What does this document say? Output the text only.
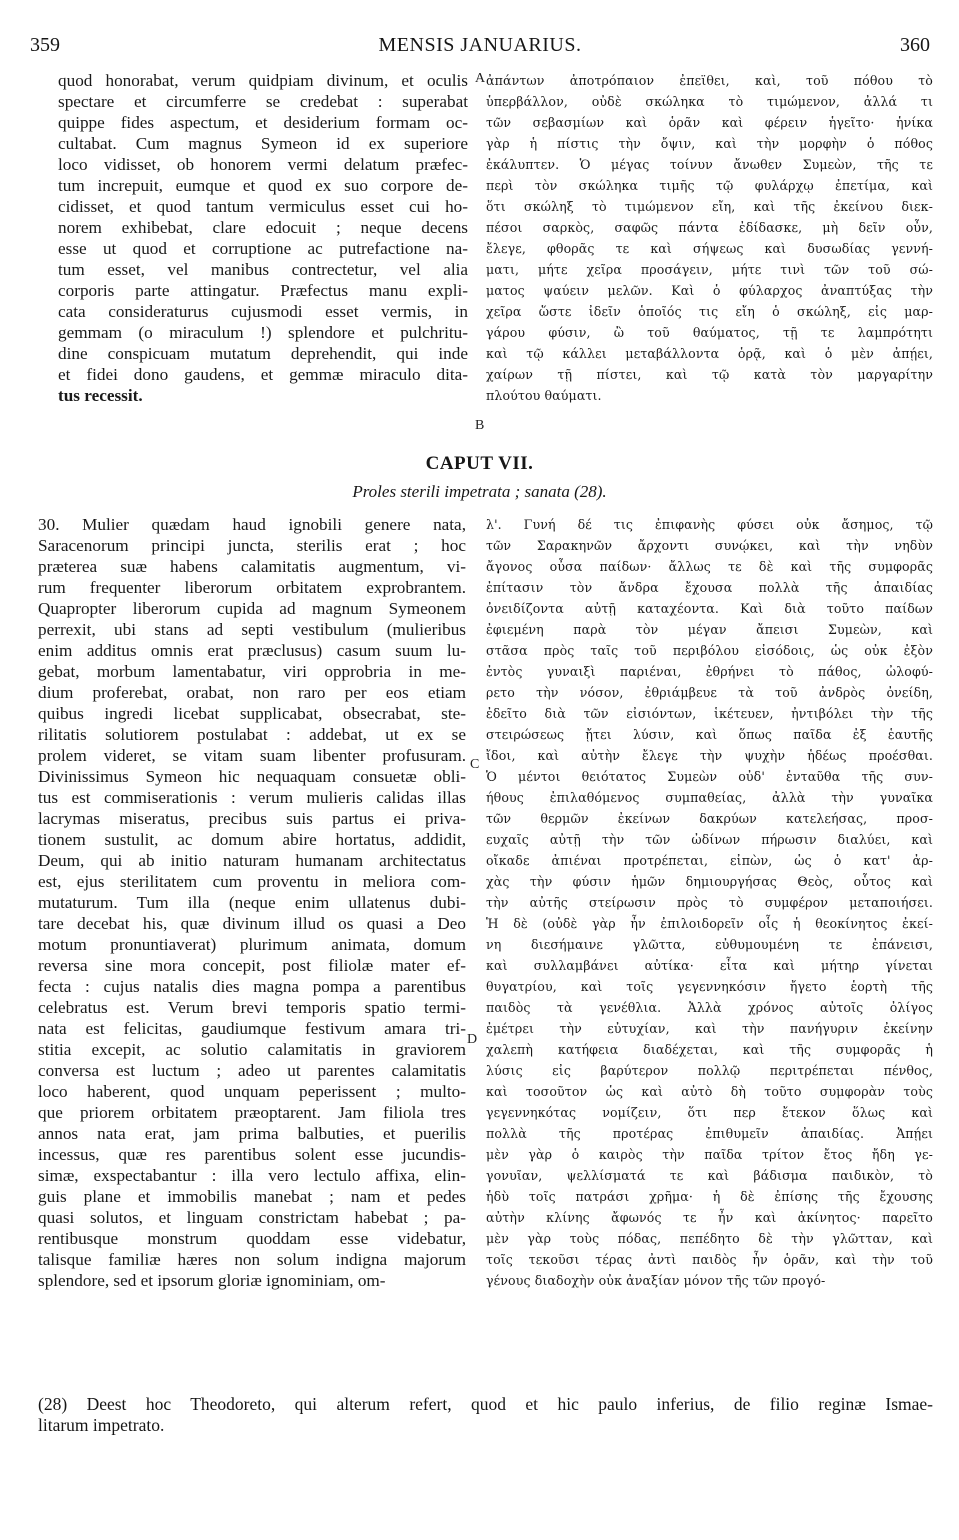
359	MENSIS JANUARIUS.	360
quod honorabat, verum quidpiam divinum, et oculis
spectare et circumferre se credebat : superabat
quippe fides aspectum, et desiderium formam oc-
cultabat. Cum magnus Symeon id ex superiore
loco vidisset, ob honorem vermi delatum præfec-
tum increpuit, eumque et quod ex suo corpore de-
cidisset, et quod tantum vermiculus esset cui ho-
norem exhibebat, clare edocuit ; neque decens
esse ut quod et corruptione ac putrefactione na-
tum esset, vel manibus contrectetur, vel alia
corporis parte attingatur. Præfectus manu expli-
cata consideraturus cujusmodi esset vermis, in
gemmam (o miraculum !) splendore et pulchritu-
dine conspicuam mutatum deprehendit, qui inde
et fidei dono gaudens, et gemmæ miraculo dita-
tus recessit.
ἀπάντων ἀποτρόπαιον ἐπεϊθει, καὶ, τοῦ πόθου τὸ
ὑπερβάλλον, οὐδὲ σκώληκα τὸ τιμώμενον, ἀλλά τι
τῶν σεβασμίων καὶ ὁρᾶν καὶ φέρειν ἡγεῖτο· ἡνίκα
γὰρ ἡ πίστις τὴν ὄψιν, καὶ τὴν μορφὴν ὁ πόθος
ἐκάλυπτεν. Ὁ μέγας τοίνυν ἄνωθεν Συμεὼν, τῆς τε
περὶ τὸν σκώληκα τιμῆς τῷ φυλάρχῳ ἐπετίμα, καὶ
ὅτι σκώληξ τὸ τιμώμενον εἴη, καὶ τῆς ἐκείνου διεκ-
πέσοι σαρκὸς, σαφῶς πάντα ἐδίδασκε, μὴ δεῖν οὖν,
ἔλεγε, φθορᾶς τε καὶ σήψεως καὶ δυσωδίας γεννή-
ματι, μήτε χεῖρα προσάγειν, μήτε τινὶ τῶν τοῦ σώ-
ματος ψαύειν μελῶν. Καὶ ὁ φύλαρχος ἀναπτύξας τὴν
χεῖρα ὥστε ἰδεῖν ὁποῖός τις εἴη ὁ σκώληξ, εἰς μαρ-
γάρου φύσιν, ὢ τοῦ θαύματος, τῇ τε λαμπρότητι
καὶ τῷ κάλλει μεταβάλλοντα ὁρᾷ, καὶ ὁ μὲν ἀπῄει,
χαίρων τῇ πίστει, καὶ τῷ κατὰ τὸν μαργαρίτην
πλούτου θαύματι.
A
B
C
D
CAPUT VII.
Proles sterili impetrata ; sanata (28).
30. Mulier quædam haud ignobili genere nata,
Saracenorum principi juncta, sterilis erat ; hoc
præterea suæ habens calamitatis augmentum, vi-
rum frequenter liberorum orbitatem exprobrantem.
Quapropter liberorum cupida ad magnum Symeonem
perrexit, ubi stans ad septi vestibulum (mulieribus
enim additus omnis erat præclusus) casum suum lu-
gebat, morbum lamentabatur, viri opprobria in me-
dium proferebat, orabat, non raro per eos etiam
quibus ingredi licebat supplicabat, obsecrabat, ste-
rilitatis solutiorem postulabat : addebat, ut ex se
prolem videret, se vitam suam libenter profusuram.
Divinissimus Symeon hic nequaquam consuetæ obli-
tus est commiserationis : verum mulieris calidas illas
lacrymas miseratus, precibus suis partus ei priva-
tionem sustulit, ac domum abire hortatus, addidit,
Deum, qui ab initio naturam humanam architectatus
est, ejus sterilitatem cum proventu in meliora com-
mutaturum. Tum illa (neque enim ullatenus dubi-
tare decebat his, quæ divinum illud os quasi a Deo
motum pronuntiaverat) plurimum animata, domum
reversa sine mora concepit, post filiolæ mater ef-
fecta : cujus natalis dies magna pompa a parentibus
celebratus est. Verum brevi temporis spatio termi-
nata est felicitas, gaudiumque festivum amara tri-
stitia excepit, ac solutio calamitatis in graviorem
conversa est luctum ; adeo ut parentes calamitatis
loco haberent, quod unquam peperissent ; multo-
que priorem orbitatem præoptarent. Jam filiola tres
annos nata erat, jam prima balbuties, et puerilis
incessus, quæ res parentibus solent esse jucundis-
simæ, exspectabantur : illa vero lectulo affixa, elin-
guis plane et immobilis manebat ; nam et pedes
quasi solutos, et linguam constrictam habebat ; pa-
rentibusque monstrum quoddam esse videbatur,
talisque familiæ hæres non solum indigna majorum
splendore, sed et ipsorum gloriæ ignominiam, om-
λ'. Γυνή δέ τις ἐπιφανὴς φύσει οὐκ ἄσημος, τῷ
τῶν Σαρακηνῶν ἄρχοντι συνῴκει, καὶ τὴν νηδὺν
ἄγονος οὖσα παίδων· ἄλλως τε δὲ καὶ τῆς συμφορᾶς
ἐπίτασιν τὸν ἄνδρα ἔχουσα πολλὰ τῆς ἀπαιδίας
ὀνειδίζοντα αὐτῇ καταχέοντα. Καὶ διὰ τοῦτο παίδων
ἐφιεμένη παρὰ τὸν μέγαν ἄπεισι Συμεὼν, καὶ
στᾶσα πρὸς ταῖς τοῦ περιβόλου εἰσόδοις, ὡς οὐκ ἐξὸν
ἐντὸς γυναιξὶ παριέναι, ἐθρήνει τὸ πάθος, ὠλοφύ-
ρετο τὴν νόσον, ἐθριάμβευε τὰ τοῦ ἀνδρὸς ὀνείδη,
ἐδεῖτο διὰ τῶν εἰσιόντων, ἱκέτευεν, ἠντιβόλει τὴν τῆς
στειρώσεως ᾔτει λύσιν, καὶ ὅπως παῖδα ἐξ ἑαυτῆς
ἴδοι, καὶ αὐτὴν ἔλεγε τὴν ψυχὴν ἡδέως προέσθαι.
Ὁ μέντοι θειότατος Συμεὼν οὐδ' ἐνταῦθα τῆς συν-
ήθους ἐπιλαθόμενος συμπαθείας, ἀλλὰ τὴν γυναῖκα
τῶν θερμῶν ἐκείνων δακρύων κατελεήσας, προσ-
ευχαῖς αὐτῇ τὴν τῶν ὠδίνων πήρωσιν διαλύει, καὶ
οἴκαδε ἀπιέναι προτρέπεται, εἰπὼν, ὡς ὁ κατ' ἀρ-
χὰς τὴν φύσιν ἡμῶν δημιουργήσας Θεὸς, οὗτος καὶ
τὴν αὐτῆς στείρωσιν πρὸς τὸ συμφέρον μεταποιήσει.
Ἡ δὲ (οὐδὲ γὰρ ἦν ἐπιλοιδορεῖν οἷς ἡ θεοκίνητος ἐκεί-
νη διεσήμαινε γλῶττα, εὐθυμουμένη τε ἐπάνεισι,
καὶ συλλαμβάνει αὐτίκα· εἶτα καὶ μήτηρ γίνεται
θυγατρίου, καὶ τοῖς γεγεννηκόσιν ἤγετο ἑορτὴ τῆς
παιδὸς τὰ γενέθλια. Ἀλλὰ χρόνος αὐτοῖς ὀλίγος
ἐμέτρει τὴν εὐτυχίαν, καὶ τὴν πανήγυριν ἐκείνην
χαλεπὴ κατήφεια διαδέχεται, καὶ τῆς συμφορᾶς ἡ
λύσις εἰς βαρύτερον πολλῷ περιτρέπεται πένθος,
καὶ τοσοῦτον ὡς καὶ αὐτὸ δὴ τοῦτο συμφορὰν τοὺς
γεγεννηκότας νομίζειν, ὅτι περ ἔτεκον ὅλως καὶ
πολλὰ τῆς προτέρας ἐπιθυμεῖν ἀπαιδίας. Ἀπῄει
μὲν γὰρ ὁ καιρὸς τὴν παῖδα τρίτον ἔτος ἤδη γε-
γονυῖαν, ψελλίσματά τε καὶ βάδισμα παιδικὸν, τὸ
ἡδὺ τοῖς πατράσι χρῆμα· ἡ δὲ ἐπίσης τῆς ἔχουσης
αὐτὴν κλίνης ἄφωνός τε ἦν καὶ ἀκίνητος· παρεῖτο
μὲν γὰρ τοὺς πόδας, πεπέδητο δὲ τὴν γλῶτταν, καὶ
τοῖς τεκοῦσι τέρας ἀντὶ παιδὸς ἦν ὁρᾶν, καὶ τὴν τοῦ
γένους διαδοχὴν οὐκ ἀναξίαν μόνον τῆς τῶν προγό-
(28) Deest hoc Theodoreto, qui alterum refert, quod et hic paulo inferius, de filio reginæ Ismae-
litarum impetrato.
